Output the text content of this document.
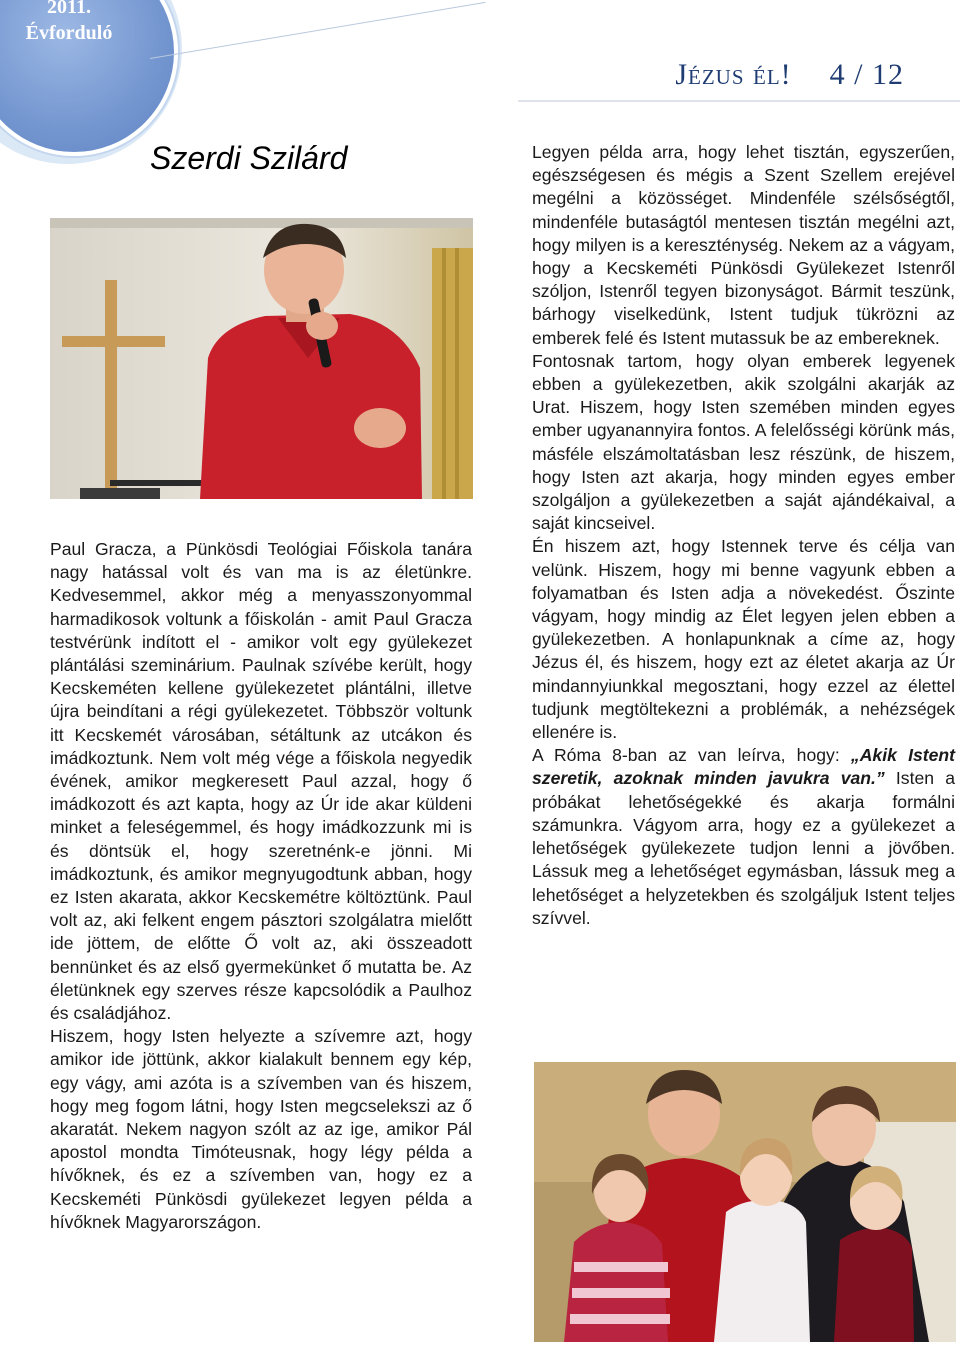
2011.
Évforduló
Jézus él! 4 / 12
Szerdi Szilárd

Paul Gracza, a Pünkösdi Teológiai Főiskola tanára nagy hatással volt és van ma is az életünkre. Kedvesemmel, akkor még a menyasszonyommal harmadikosok voltunk a főiskolán - amit Paul Gracza testvérünk indított el - amikor volt egy gyülekezet plántálási szeminárium. Paulnak szívébe került, hogy Kecskeméten kellene gyülekezetet plántálni, illetve újra beindítani a régi gyülekezetet. Többször voltunk itt Kecskemét városában, sétáltunk az utcákon és imádkoztunk. Nem volt még vége a főiskola negyedik évének, amikor megkeresett Paul azzal, hogy ő imádkozott és azt kapta, hogy az Úr ide akar küldeni minket a feleségemmel, és hogy imádkozzunk mi is és döntsük el, hogy szeretnénk-e jönni. Mi imádkoztunk, és amikor megnyugodtunk abban, hogy ez Isten akarata, akkor Kecskemétre költöztünk. Paul volt az, aki felkent engem pásztori szolgálatra mielőtt ide jöttem, de előtte Ő volt az, aki összeadott bennünket és az első gyermekünket ő mutatta be. Az életünknek egy szerves része kapcsolódik a Paulhoz és családjához.

Hiszem, hogy Isten helyezte a szívemre azt, hogy amikor ide jöttünk, akkor kialakult bennem egy kép, egy vágy, ami azóta is a szívemben van és hiszem, hogy meg fogom látni, hogy Isten megcselekszi az ő akaratát. Nekem nagyon szólt az az ige, amikor Pál apostol mondta Timóteusnak, hogy légy példa a hívőknek, és ez a szívemben van, hogy ez a Kecskeméti Pünkösdi gyülekezet legyen példa a hívőknek Magyarországon.

Legyen példa arra, hogy lehet tisztán, egyszerűen, egészségesen és mégis a Szent Szellem erejével megélni a közösséget. Mindenféle szélsőségtől, mindenféle butaságtól mentesen tisztán megélni azt, hogy milyen is a kereszténység. Nekem az a vágyam, hogy a Kecskeméti Pünkösdi Gyülekezet Istenről szóljon, Istenről tegyen bizonyságot. Bármit teszünk, bárhogy viselkedünk, Istent tudjuk tükrözni az emberek felé és Istent mutassuk be az embereknek.

Fontosnak tartom, hogy olyan emberek legyenek ebben a gyülekezetben, akik szolgálni akarják az Urat. Hiszem, hogy Isten szemében minden egyes ember ugyanannyira fontos. A felelősségi körünk más, másféle elszámoltatásban lesz részünk, de hiszem, hogy Isten azt akarja, hogy minden egyes ember szolgáljon a gyülekezetben a saját ajándékaival, a saját kincseivel.

Én hiszem azt, hogy Istennek terve és célja van velünk. Hiszem, hogy mi benne vagyunk ebben a folyamatban és Isten adja a növekedést. Őszinte vágyam, hogy mindig az Élet legyen jelen ebben a gyülekezetben. A honlapunknak a címe az, hogy Jézus él, és hiszem, hogy ezt az életet akarja az Úr mindannyiunkkal megosztani, hogy ezzel az élettel tudjunk megtöltekezni a problémák, a nehézségek ellenére is.

A Róma 8-ban az van leírva, hogy: „Akik Istent szeretik, azoknak minden javukra van.” Isten a próbákat lehetőségekké és akarja formálni számunkra. Vágyom arra, hogy ez a gyülekezet a lehetőségek gyülekezete tudjon lenni a jövőben. Lássuk meg a lehetőséget egymásban, lássuk meg a lehetőséget a helyzetekben és szolgáljuk Istent teljes szívvel.
